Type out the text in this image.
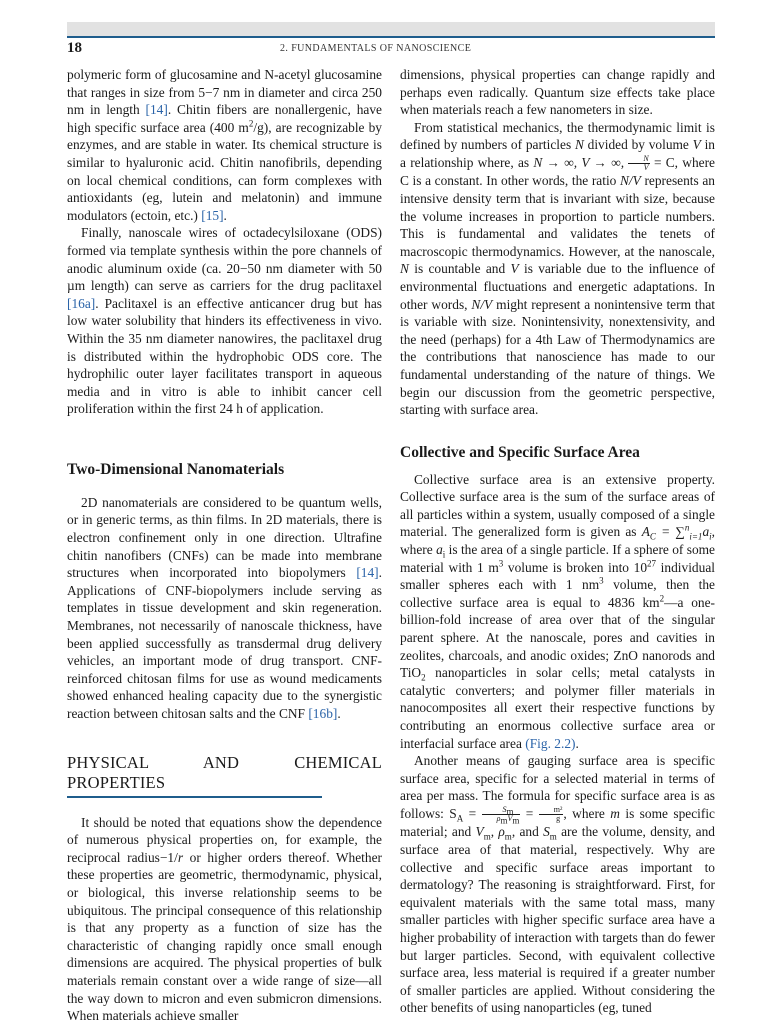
18	2. FUNDAMENTALS OF NANOSCIENCE

polymeric form of glucosamine and N-acetyl glucosamine that ranges in size from 5−7 nm in diameter and circa 250 nm in length [14]. Chitin fibers are nonallergenic, have high specific surface area (400 $m^2/g$), are recognizable by enzymes, and are stable in water. Its chemical structure is similar to hyaluronic acid. Chitin nanofibrils, depending on local chemical conditions, can form complexes with antioxidants (eg, lutein and melatonin) and immune modulators (ectoin, etc.) [15].

Finally, nanoscale wires of octadecylsiloxane (ODS) formed via template synthesis within the pore channels of anodic aluminum oxide (ca. 20−50 nm diameter with 50 µm length) can serve as carriers for the drug paclitaxel [16a]. Paclitaxel is an effective anticancer drug but has low water solubility that hinders its effectiveness in vivo. Within the 35 nm diameter nanowires, the paclitaxel drug is distributed within the hydrophobic ODS core. The hydrophilic outer layer facilitates transport in aqueous media and in vitro is able to inhibit cancer cell proliferation within the first 24 h of application.

Two-Dimensional Nanomaterials

2D nanomaterials are considered to be quantum wells, or in generic terms, as thin films. In 2D materials, there is electron confinement only in one direction. Ultrafine chitin nanofibers (CNFs) can be made into membrane structures when incorporated into biopolymers [14]. Applications of CNF-biopolymers include serving as templates in tissue development and skin regeneration. Membranes, not necessarily of nanoscale thickness, have been applied successfully as transdermal drug delivery vehicles, an important mode of drug transport. CNF-reinforced chitosan films for use as wound medicaments showed enhanced healing capacity due to the synergistic reaction between chitosan salts and the CNF [16b].

PHYSICAL AND CHEMICAL PROPERTIES

It should be noted that equations show the dependence of numerous physical properties on, for example, the reciprocal radius−1/r or higher orders thereof. Whether these properties are geometric, thermodynamic, physical, or biological, this inverse relationship seems to be ubiquitous. The principal consequence of this relationship is that any property as a function of size has the characteristic of changing rapidly once small enough dimensions are acquired. The physical properties of bulk materials remain constant over a wide range of size—all the way down to micron and even submicron dimensions. When materials achieve smaller

dimensions, physical properties can change rapidly and perhaps even radically. Quantum size effects take place when materials reach a few nanometers in size.

From statistical mechanics, the thermodynamic limit is defined by numbers of particles N divided by volume V in a relationship where, as N → ∞, V → ∞, $\frac{N}{V} = C$, where C is a constant. In other words, the ratio N/V represents an intensive density term that is invariant with size, because the volume increases in proportion to particle numbers. This is fundamental and validates the tenets of macroscopic thermodynamics. However, at the nanoscale, N is countable and V is variable due to the influence of environmental fluctuations and energetic adaptations. In other words, N/V might represent a nonintensive term that is variable with size. Nonintensivity, nonextensivity, and the need (perhaps) for a 4th Law of Thermodynamics are the contributions that nanoscience has made to our fundamental understanding of the nature of things. We begin our discussion from the geometric perspective, starting with surface area.

Collective and Specific Surface Area

Collective surface area is an extensive property. Collective surface area is the sum of the surface areas of all particles within a system, usually composed of a single material. The generalized form is given as $A_C = \sum^n_{i=1}a_i$, where $a_i$ is the area of a single particle. If a sphere of some material with 1 $m^3$ volume is broken into $10^{27}$ individual smaller spheres each with 1 $nm^3$ volume, then the collective surface area is equal to 4836 $km^2—a$ one-billion-fold increase of area over that of the singular parent sphere. At the nanoscale, pores and cavities in zeolites, charcoals, and anodic oxides; ZnO nanorods and TiO$_2$ nanoparticles in solar cells; metal catalysts in catalytic converters; and polymer filler materials in nanocomposites all exert their respective functions by contributing an enormous collective surface area or interfacial surface area (Fig. 2.2).

Another means of gauging surface area is specific surface area, specific for a selected material in terms of area per mass. The formula for specific surface area is as follows: $S_A = \frac{S_m}{\rho_mV_m} = \frac{\text{m²}}{g}$ , where m is some specific material; and $V_m$, $\rho_m$, and $S_m$ are the volume, density, and surface area of that material, respectively. Why are collective and specific surface areas important to dermatology? The reasoning is straightforward. First, for equivalent materials with the same total mass, many smaller particles with higher specific surface area have a higher probability of interaction with targets than do fewer but larger particles. Second, with equivalent collective surface area, less material is required if a greater number of smaller particles are applied. Without considering the other benefits of using nanoparticles (eg, tuned
